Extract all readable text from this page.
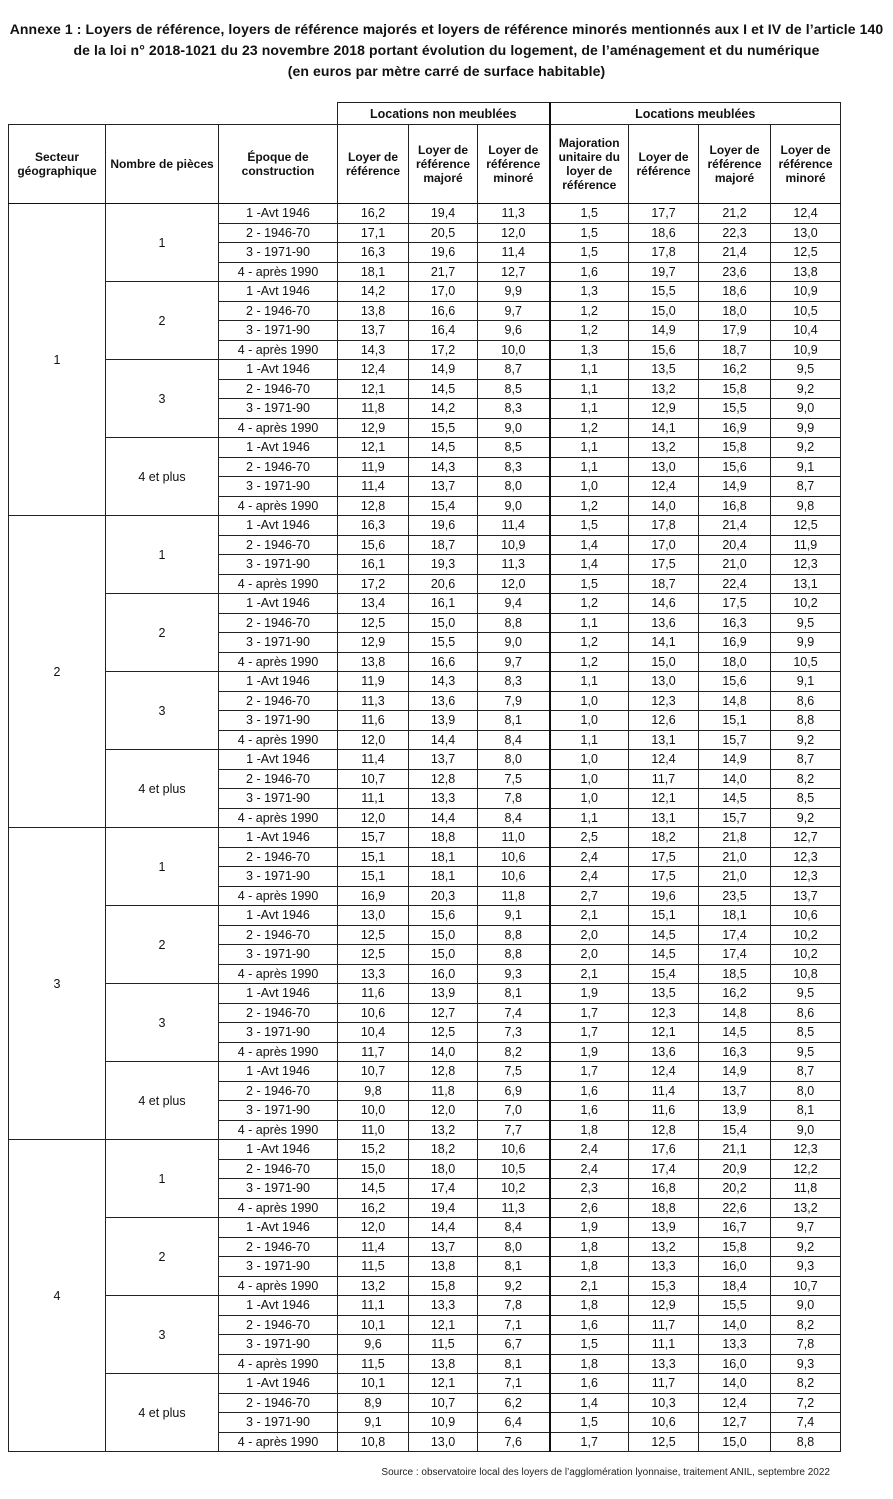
Annexe 1 : Loyers de référence, loyers de référence majorés et loyers de référence minorés mentionnés aux I et IV de l’article 140
de la loi n° 2018-1021 du 23 novembre 2018 portant évolution du logement, de l’aménagement et du numérique
(en euros par mètre carré de surface habitable)
			Locations non meublées			Locations meublées			
Secteur géographique	Nombre de pièces	Époque de construction	Loyer de référence	Loyer de référence majoré	Loyer de référence minoré	Majoration unitaire du loyer de référence	Loyer de référence	Loyer de référence majoré	Loyer de référence minoré
1	1	1 -Avt 1946	16,2	19,4	11,3	1,5	17,7	21,2	12,4
		2 - 1946-70	17,1	20,5	12,0	1,5	18,6	22,3	13,0
		3 - 1971-90	16,3	19,6	11,4	1,5	17,8	21,4	12,5
		4 - après 1990	18,1	21,7	12,7	1,6	19,7	23,6	13,8
	2	1 -Avt 1946	14,2	17,0	9,9	1,3	15,5	18,6	10,9
		2 - 1946-70	13,8	16,6	9,7	1,2	15,0	18,0	10,5
		3 - 1971-90	13,7	16,4	9,6	1,2	14,9	17,9	10,4
		4 - après 1990	14,3	17,2	10,0	1,3	15,6	18,7	10,9
	3	1 -Avt 1946	12,4	14,9	8,7	1,1	13,5	16,2	9,5
		2 - 1946-70	12,1	14,5	8,5	1,1	13,2	15,8	9,2
		3 - 1971-90	11,8	14,2	8,3	1,1	12,9	15,5	9,0
		4 - après 1990	12,9	15,5	9,0	1,2	14,1	16,9	9,9
	4 et plus	1 -Avt 1946	12,1	14,5	8,5	1,1	13,2	15,8	9,2
		2 - 1946-70	11,9	14,3	8,3	1,1	13,0	15,6	9,1
		3 - 1971-90	11,4	13,7	8,0	1,0	12,4	14,9	8,7
		4 - après 1990	12,8	15,4	9,0	1,2	14,0	16,8	9,8
2	1	1 -Avt 1946	16,3	19,6	11,4	1,5	17,8	21,4	12,5
		2 - 1946-70	15,6	18,7	10,9	1,4	17,0	20,4	11,9
		3 - 1971-90	16,1	19,3	11,3	1,4	17,5	21,0	12,3
		4 - après 1990	17,2	20,6	12,0	1,5	18,7	22,4	13,1
	2	1 -Avt 1946	13,4	16,1	9,4	1,2	14,6	17,5	10,2
		2 - 1946-70	12,5	15,0	8,8	1,1	13,6	16,3	9,5
		3 - 1971-90	12,9	15,5	9,0	1,2	14,1	16,9	9,9
		4 - après 1990	13,8	16,6	9,7	1,2	15,0	18,0	10,5
	3	1 -Avt 1946	11,9	14,3	8,3	1,1	13,0	15,6	9,1
		2 - 1946-70	11,3	13,6	7,9	1,0	12,3	14,8	8,6
		3 - 1971-90	11,6	13,9	8,1	1,0	12,6	15,1	8,8
		4 - après 1990	12,0	14,4	8,4	1,1	13,1	15,7	9,2
	4 et plus	1 -Avt 1946	11,4	13,7	8,0	1,0	12,4	14,9	8,7
		2 - 1946-70	10,7	12,8	7,5	1,0	11,7	14,0	8,2
		3 - 1971-90	11,1	13,3	7,8	1,0	12,1	14,5	8,5
		4 - après 1990	12,0	14,4	8,4	1,1	13,1	15,7	9,2
3	1	1 -Avt 1946	15,7	18,8	11,0	2,5	18,2	21,8	12,7
		2 - 1946-70	15,1	18,1	10,6	2,4	17,5	21,0	12,3
		3 - 1971-90	15,1	18,1	10,6	2,4	17,5	21,0	12,3
		4 - après 1990	16,9	20,3	11,8	2,7	19,6	23,5	13,7
	2	1 -Avt 1946	13,0	15,6	9,1	2,1	15,1	18,1	10,6
		2 - 1946-70	12,5	15,0	8,8	2,0	14,5	17,4	10,2
		3 - 1971-90	12,5	15,0	8,8	2,0	14,5	17,4	10,2
		4 - après 1990	13,3	16,0	9,3	2,1	15,4	18,5	10,8
	3	1 -Avt 1946	11,6	13,9	8,1	1,9	13,5	16,2	9,5
		2 - 1946-70	10,6	12,7	7,4	1,7	12,3	14,8	8,6
		3 - 1971-90	10,4	12,5	7,3	1,7	12,1	14,5	8,5
		4 - après 1990	11,7	14,0	8,2	1,9	13,6	16,3	9,5
	4 et plus	1 -Avt 1946	10,7	12,8	7,5	1,7	12,4	14,9	8,7
		2 - 1946-70	9,8	11,8	6,9	1,6	11,4	13,7	8,0
		3 - 1971-90	10,0	12,0	7,0	1,6	11,6	13,9	8,1
		4 - après 1990	11,0	13,2	7,7	1,8	12,8	15,4	9,0
4	1	1 -Avt 1946	15,2	18,2	10,6	2,4	17,6	21,1	12,3
		2 - 1946-70	15,0	18,0	10,5	2,4	17,4	20,9	12,2
		3 - 1971-90	14,5	17,4	10,2	2,3	16,8	20,2	11,8
		4 - après 1990	16,2	19,4	11,3	2,6	18,8	22,6	13,2
	2	1 -Avt 1946	12,0	14,4	8,4	1,9	13,9	16,7	9,7
		2 - 1946-70	11,4	13,7	8,0	1,8	13,2	15,8	9,2
		3 - 1971-90	11,5	13,8	8,1	1,8	13,3	16,0	9,3
		4 - après 1990	13,2	15,8	9,2	2,1	15,3	18,4	10,7
	3	1 -Avt 1946	11,1	13,3	7,8	1,8	12,9	15,5	9,0
		2 - 1946-70	10,1	12,1	7,1	1,6	11,7	14,0	8,2
		3 - 1971-90	9,6	11,5	6,7	1,5	11,1	13,3	7,8
		4 - après 1990	11,5	13,8	8,1	1,8	13,3	16,0	9,3
	4 et plus	1 -Avt 1946	10,1	12,1	7,1	1,6	11,7	14,0	8,2
		2 - 1946-70	8,9	10,7	6,2	1,4	10,3	12,4	7,2
		3 - 1971-90	9,1	10,9	6,4	1,5	10,6	12,7	7,4
		4 - après 1990	10,8	13,0	7,6	1,7	12,5	15,0	8,8
Source : observatoire local des loyers de l’agglomération lyonnaise, traitement ANIL, septembre 2022
